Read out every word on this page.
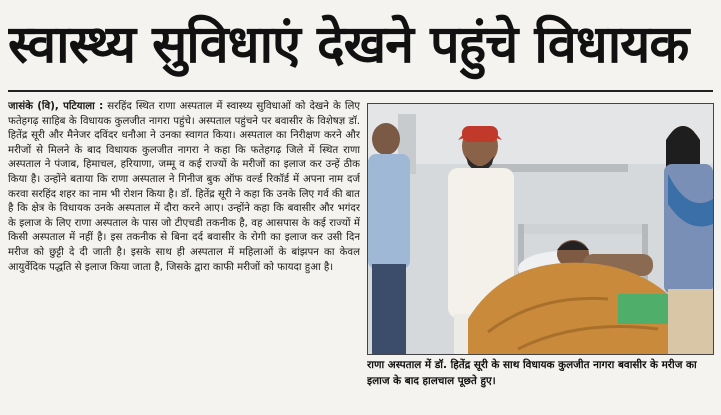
स्वास्थ्य सुविधाएं देखने पहुंचे विधायक
जासंके (वि), पटियाला : सरहिंद स्थित राणा अस्पताल में स्वास्थ्य सुविधाओं को देखने के लिए फतेहगढ़ साहिब के विधायक कुलजीत नागरा पहुंचे। अस्पताल पहुंचने पर बवासीर के विशेषज्ञ डॉ. हितेंद्र सूरी और मैनेजर दविंदर धनौआ ने उनका स्वागत किया। अस्पताल का निरीक्षण करने और मरीजों से मिलने के बाद विधायक कुलजीत नागरा ने कहा कि फतेहगढ़ जिले में स्थित राणा अस्पताल ने पंजाब, हिमाचल, हरियाणा, जम्मू व कई राज्यों के मरीजों का इलाज कर उन्हें ठीक किया है। उन्होंने बताया कि राणा अस्पताल ने गिनीज बुक ऑफ वर्ल्ड रिकॉर्ड में अपना नाम दर्ज करवा सरहिंद शहर का नाम भी रोशन किया है। डॉ. हितेंद्र सूरी ने कहा कि उनके लिए गर्व की बात है कि क्षेत्र के विधायक उनके अस्पताल में दौरा करने आए। उन्होंने कहा कि बवासीर और भगंदर के इलाज के लिए राणा अस्पताल के पास जो टीएचडी तकनीक है, वह आसपास के कई राज्यों में किसी अस्पताल में नहीं है। इस तकनीक से बिना दर्द बवासीर के रोगी का इलाज कर उसी दिन मरीज को छुट्टी दे दी जाती है। इसके साथ ही अस्पताल में महिलाओं के बांझपन का केवल आयुर्वेदिक पद्धति से इलाज किया जाता है, जिसके द्वारा काफी मरीजों को फायदा हुआ है।
राणा अस्पताल में डॉ. हितेंद्र सूरी के साथ विधायक कुलजीत नागरा बवासीर के मरीज का इलाज के बाद हालचाल पूछते हुए।
